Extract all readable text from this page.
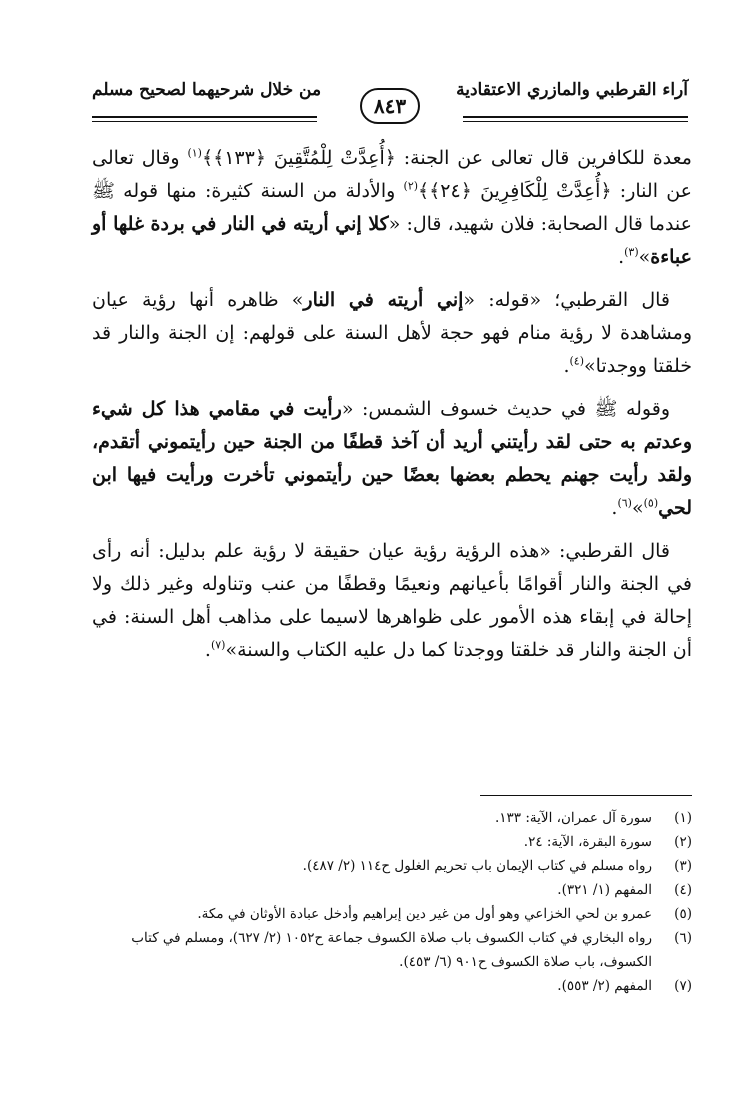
آراء القرطبي والمازري الاعتقادية
من خلال شرحيهما لصحيح مسلم
٨٤٣

معدة للكافرين قال تعالى عن الجنة: ﴿أُعِدَّتْ لِلْمُتَّقِينَ ﴿١٣٣﴾﴾$^{(١)}$ وقال تعالى عن النار: ﴿أُعِدَّتْ لِلْكَافِرِينَ ﴿٢٤﴾﴾$^{(٢)}$ والأدلة من السنة كثيرة: منها قوله ﷺ عندما قال الصحابة: فلان شهيد، قال: «كلا إني أريته في النار في بردة غلها أو عباءة»$^{(٣)}$.

قال القرطبي؛ «قوله: «إني أريته في النار» ظاهره أنها رؤية عيان ومشاهدة لا رؤية منام فهو حجة لأهل السنة على قولهم: إن الجنة والنار قد خلقتا ووجدتا»$^{(٤)}$.

وقوله ﷺ في حديث خسوف الشمس: «رأيت في مقامي هذا كل شيء وعدتم به حتى لقد رأيتني أريد أن آخذ قطفًا من الجنة حين رأيتموني أتقدم، ولقد رأيت جهنم يحطم بعضها بعضًا حين رأيتموني تأخرت ورأيت فيها ابن لحي$^{(٥)}$»$^{(٦)}$.

قال القرطبي: «هذه الرؤية رؤية عيان حقيقة لا رؤية علم بدليل: أنه رأى في الجنة والنار أقوامًا بأعيانهم ونعيمًا وقطفًا من عنب وتناوله وغير ذلك ولا إحالة في إبقاء هذه الأمور على ظواهرها لاسيما على مذاهب أهل السنة: في أن الجنة والنار قد خلقتا ووجدتا كما دل عليه الكتاب والسنة»$^{(٧)}$.

(١)
سورة آل عمران، الآية: ١٣٣.
(٢)
سورة البقرة، الآية: ٢٤.
(٣)
رواه مسلم في كتاب الإيمان باب تحريم الغلول ح١١٤ (٢/ ٤٨٧).
(٤)
المفهم (١/ ٣٢١).
(٥)
عمرو بن لحي الخزاعي وهو أول من غير دين إبراهيم وأدخل عبادة الأوثان في مكة.
(٦)
رواه البخاري في كتاب الكسوف باب صلاة الكسوف جماعة ح١٠٥٢ (٢/ ٦٢٧)، ومسلم في كتاب الكسوف، باب صلاة الكسوف ح٩٠١ (٦/ ٤٥٣).
(٧)
المفهم (٢/ ٥٥٣).
